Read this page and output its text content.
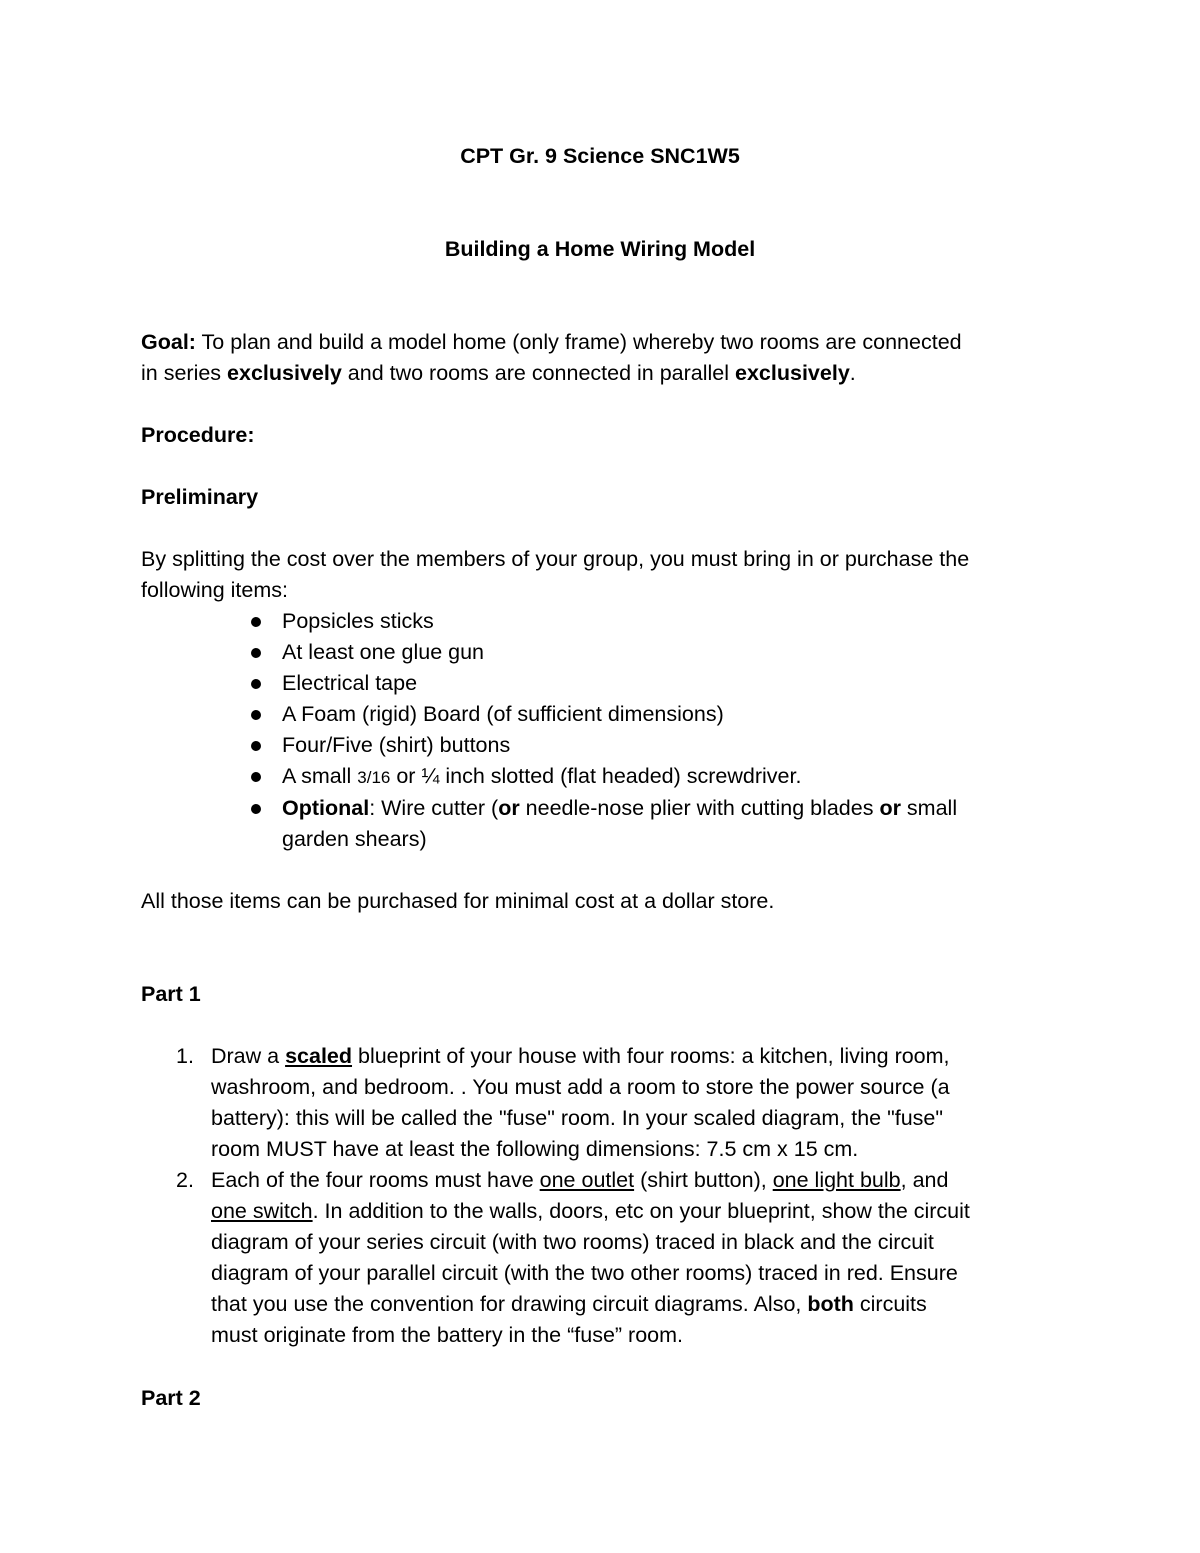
CPT Gr. 9 Science SNC1W5

Building a Home Wiring Model

Goal: To plan and build a model home (only frame) whereby two rooms are connected

in series exclusively and two rooms are connected in parallel exclusively.

Procedure:

Preliminary

By splitting the cost over the members of your group, you must bring in or purchase the

following items:

Popsicles sticks
At least one glue gun
Electrical tape
A Foam (rigid) Board (of sufficient dimensions)
Four/Five (shirt) buttons
A small 3/16 or ¼ inch slotted (flat headed) screwdriver.
Optional: Wire cutter (or needle-nose plier with cutting blades or small
garden shears)

All those items can be purchased for minimal cost at a dollar store.

Part 1

1. Draw a scaled blueprint of your house with four rooms: a kitchen, living room,
washroom, and bedroom. . You must add a room to store the power source (a
battery): this will be called the "fuse" room. In your scaled diagram, the "fuse"
room MUST have at least the following dimensions: 7.5 cm x 15 cm.
2. Each of the four rooms must have one outlet (shirt button), one light bulb, and
one switch. In addition to the walls, doors, etc on your blueprint, show the circuit
diagram of your series circuit (with two rooms) traced in black and the circuit
diagram of your parallel circuit (with the two other rooms) traced in red. Ensure
that you use the convention for drawing circuit diagrams. Also, both circuits
must originate from the battery in the “fuse” room.

Part 2
